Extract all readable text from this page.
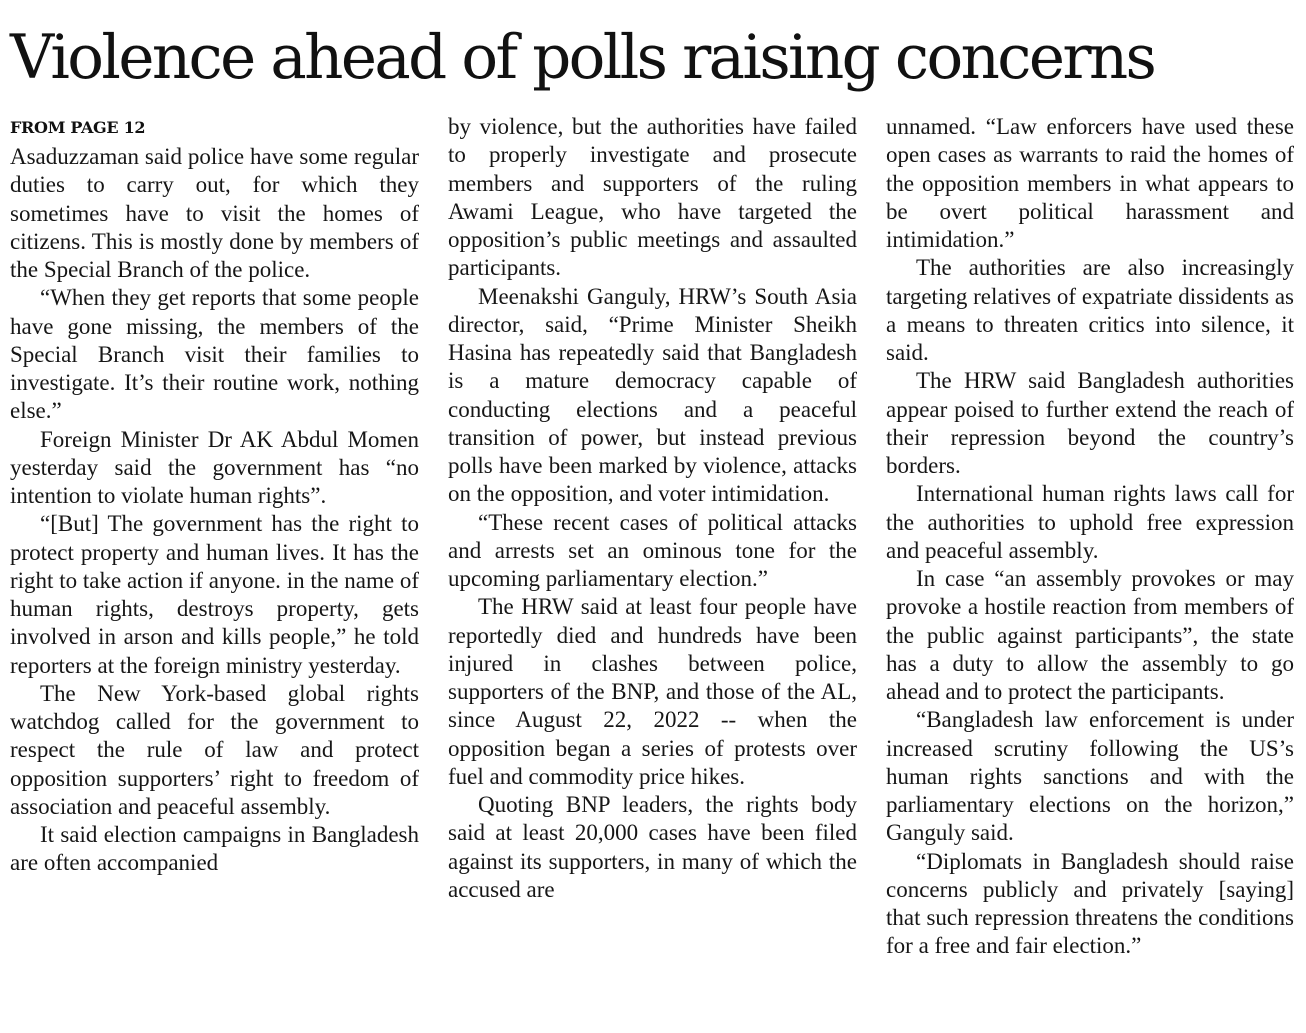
Violence ahead of polls raising concerns
FROM PAGE 12

Asaduzzaman said police have some regular duties to carry out, for which they sometimes have to visit the homes of citizens. This is mostly done by members of the Special Branch of the police.

“When they get reports that some people have gone missing, the members of the Special Branch visit their families to investigate. It’s their routine work, nothing else.”

Foreign Minister Dr AK Abdul Momen yesterday said the government has “no intention to violate human rights”.

“[But] The government has the right to protect property and human lives. It has the right to take action if anyone. in the name of human rights, destroys property, gets involved in arson and kills people,” he told reporters at the foreign ministry yesterday.

The New York-based global rights watchdog called for the government to respect the rule of law and protect opposition supporters’ right to freedom of association and peaceful assembly.

It said election campaigns in Bangladesh are often accompanied

by violence, but the authorities have failed to properly investigate and prosecute members and supporters of the ruling Awami League, who have targeted the opposition’s public meetings and assaulted participants.

Meenakshi Ganguly, HRW’s South Asia director, said, “Prime Minister Sheikh Hasina has repeatedly said that Bangladesh is a mature democracy capable of conducting elections and a peaceful transition of power, but instead previous polls have been marked by violence, attacks on the opposition, and voter intimidation.

“These recent cases of political attacks and arrests set an ominous tone for the upcoming parliamentary election.”

The HRW said at least four people have reportedly died and hundreds have been injured in clashes between police, supporters of the BNP, and those of the AL, since August 22, 2022 -- when the opposition began a series of protests over fuel and commodity price hikes.

Quoting BNP leaders, the rights body said at least 20,000 cases have been filed against its supporters, in many of which the accused are

unnamed. “Law enforcers have used these open cases as warrants to raid the homes of the opposition members in what appears to be overt political harassment and intimidation.”

The authorities are also increasingly targeting relatives of expatriate dissidents as a means to threaten critics into silence, it said.

The HRW said Bangladesh authorities appear poised to further extend the reach of their repression beyond the country’s borders.

International human rights laws call for the authorities to uphold free expression and peaceful assembly.

In case “an assembly provokes or may provoke a hostile reaction from members of the public against participants”, the state has a duty to allow the assembly to go ahead and to protect the participants.

“Bangladesh law enforcement is under increased scrutiny following the US’s human rights sanctions and with the parliamentary elections on the horizon,” Ganguly said.

“Diplomats in Bangladesh should raise concerns publicly and privately [saying] that such repression threatens the conditions for a free and fair election.”
